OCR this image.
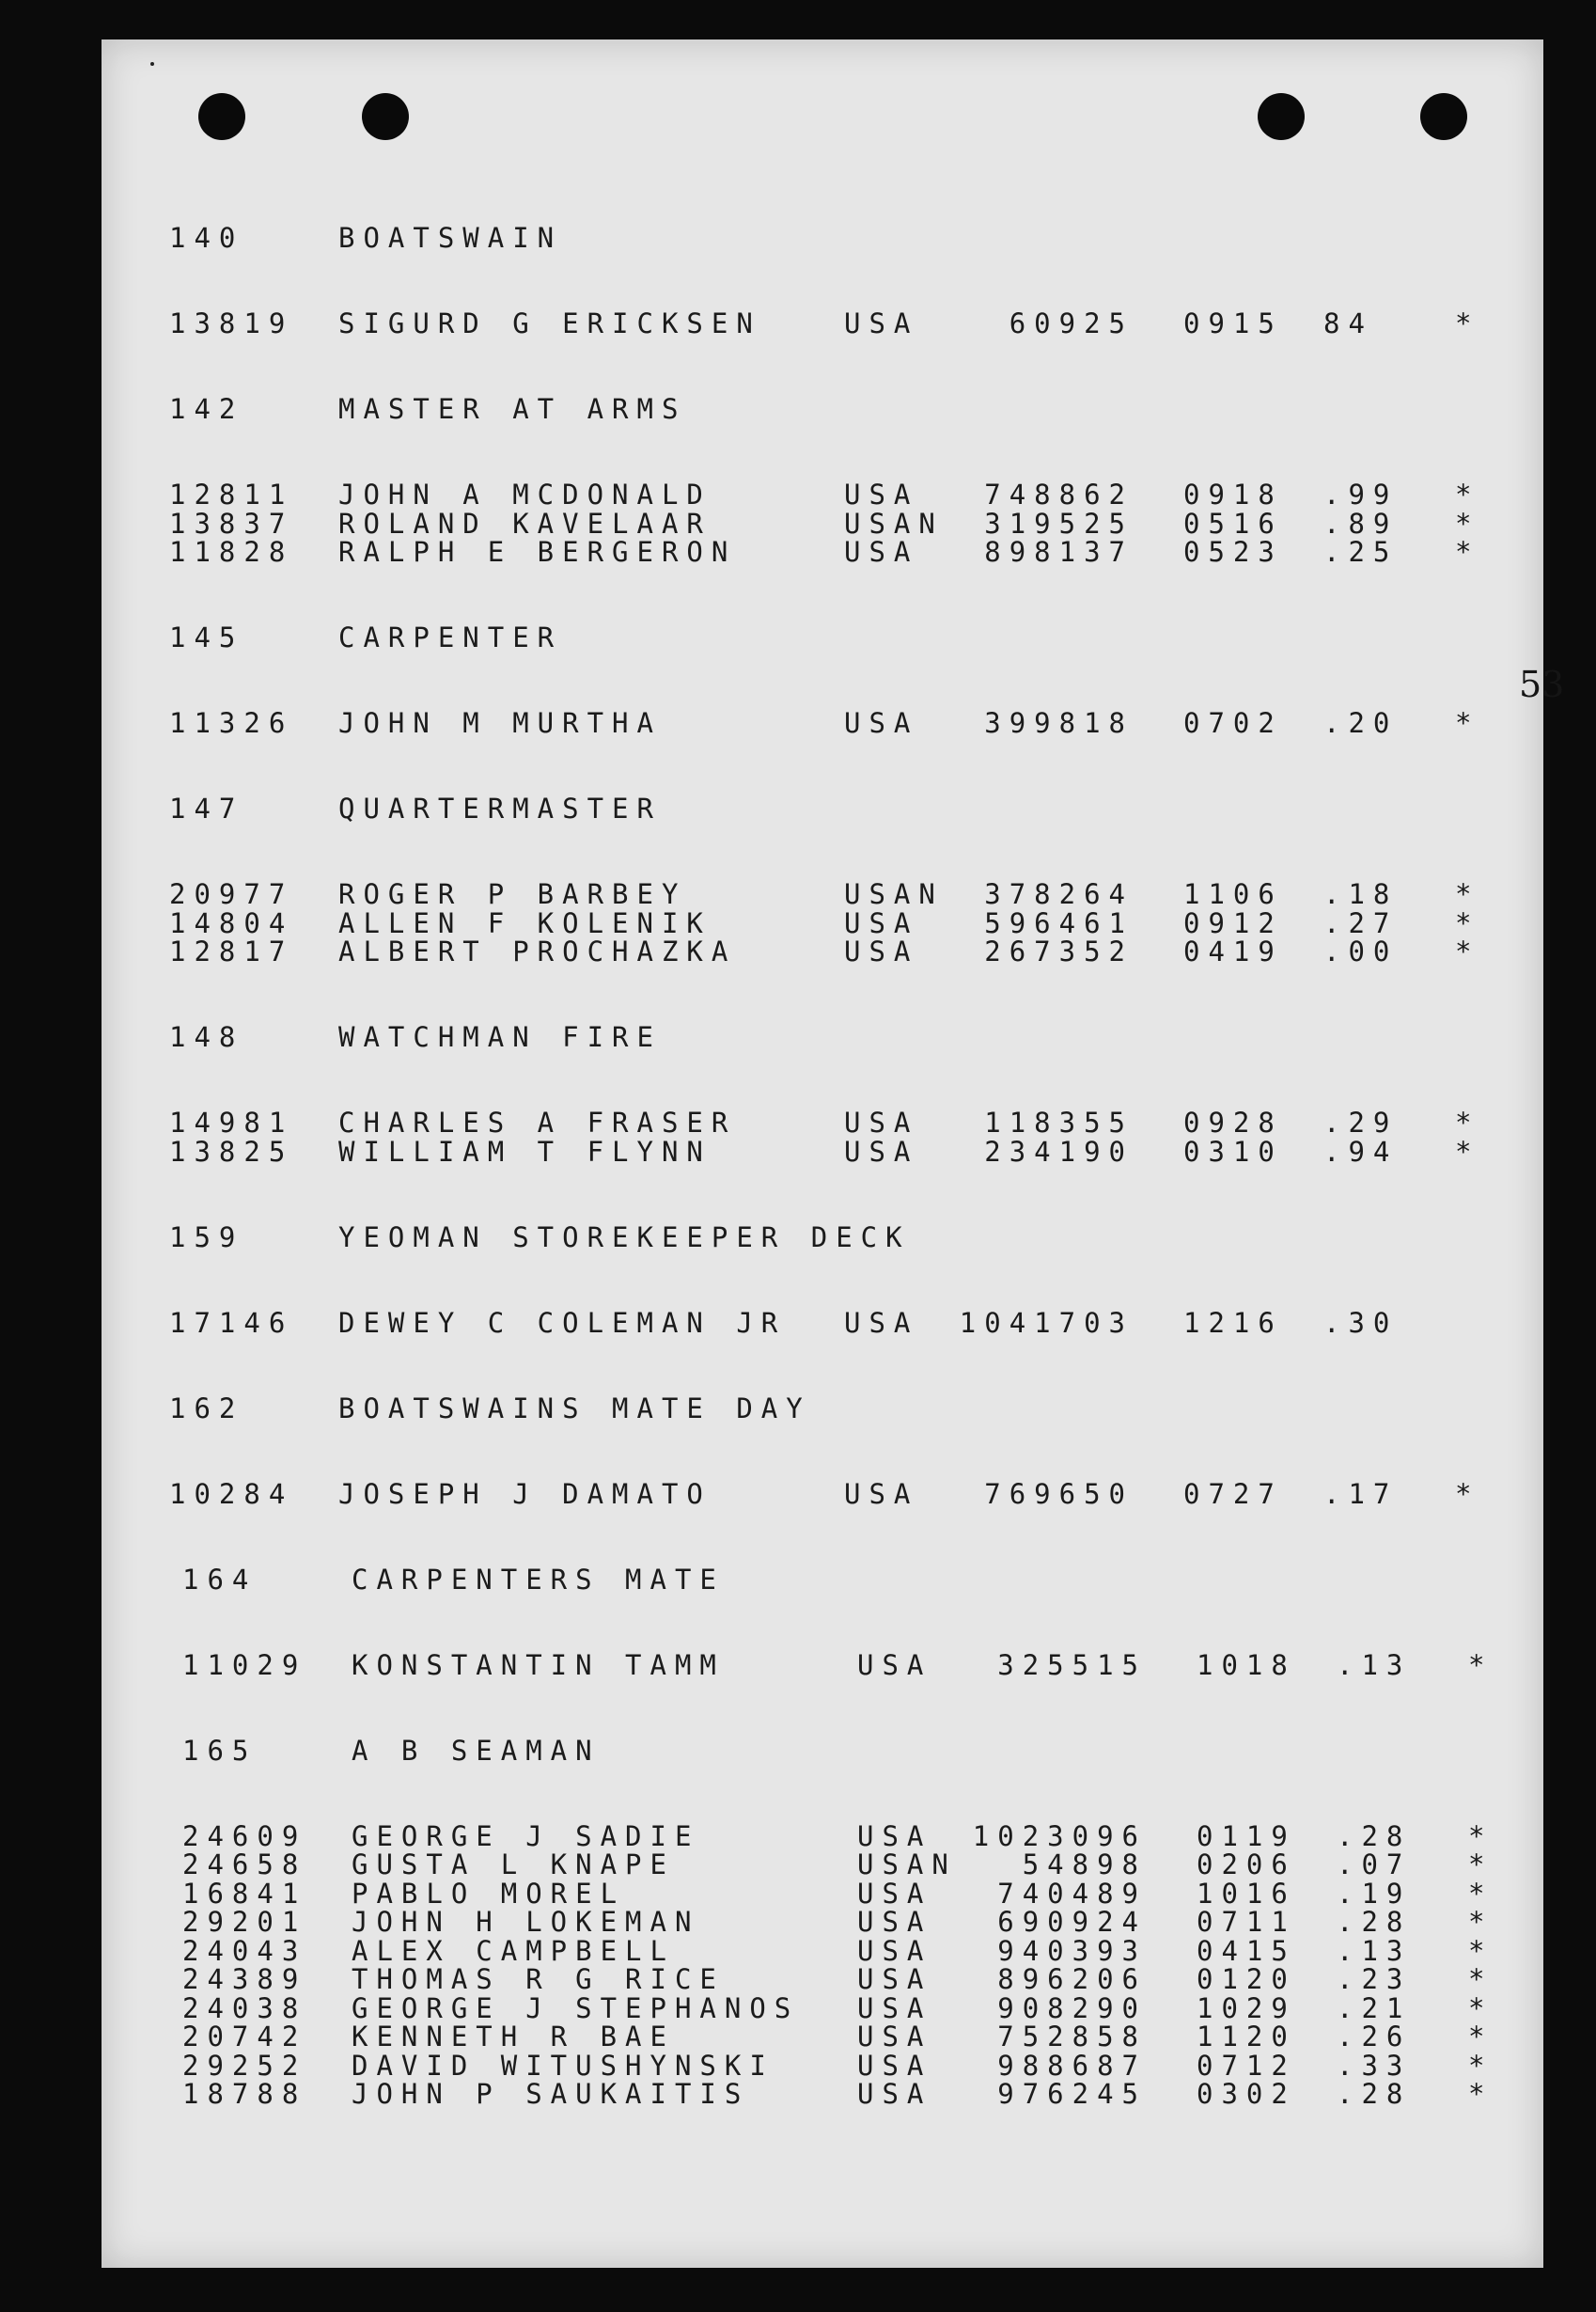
53
140	BOATSWAIN
13819 SIGURD G ERICKSEN	USA	60925 0915 84	*
142	MASTER AT ARMS
12811 JOHN A MCDONALD	USA	748862 0918 .99 *
13837 ROLAND KAVELAAR	USAN	319525 0516 .89 *
11828 RALPH E BERGERON	USA	898137 0523 .25 *
145	CARPENTER
11326 JOHN M MURTHA	USA	399818 0702 .20 *
147	QUARTERMASTER
20977 ROGER P BARBEY	USAN	378264 1106 .18 *
14804 ALLEN F KOLENIK	USA	596461 0912 .27 *
12817 ALBERT PROCHAZKA	USA	267352 0419 .00 *
148	WATCHMAN FIRE
14981 CHARLES A FRASER	USA	118355 0928 .29 *
13825 WILLIAM T FLYNN	USA	234190 0310 .94 *
159	YEOMAN STOREKEEPER DECK
17146 DEWEY C COLEMAN JR USA	1041703 1216 .30
162	BOATSWAINS MATE DAY
10284 JOSEPH J DAMATO	USA	769650 0727 .17 *
164	CARPENTERS MATE
11029 KONSTANTIN TAMM	USA	325515 1018 .13 *
165	A B SEAMAN
24609 GEORGE J SADIE	USA	1023096 0119 .28 *
24658 GUSTA L KNAPE	USAN	54898 0206 .07 *
16841 PABLO MOREL	USA	740489 1016 .19 *
29201 JOHN H LOKEMAN	USA	690924 0711 .28 *
24043 ALEX CAMPBELL	USA	940393 0415 .13 *
24389 THOMAS R G RICE	USA	896206 0120 .23 *
24038 GEORGE J STEPHANOS USA	908290 1029 .21 *
20742 KENNETH R BAE	USA	752858 1120 .26 *
29252 DAVID WITUSHYNSKI	USA	988687 0712 .33 *
18788 JOHN P SAUKAITIS	USA	976245 0302 .28 *
